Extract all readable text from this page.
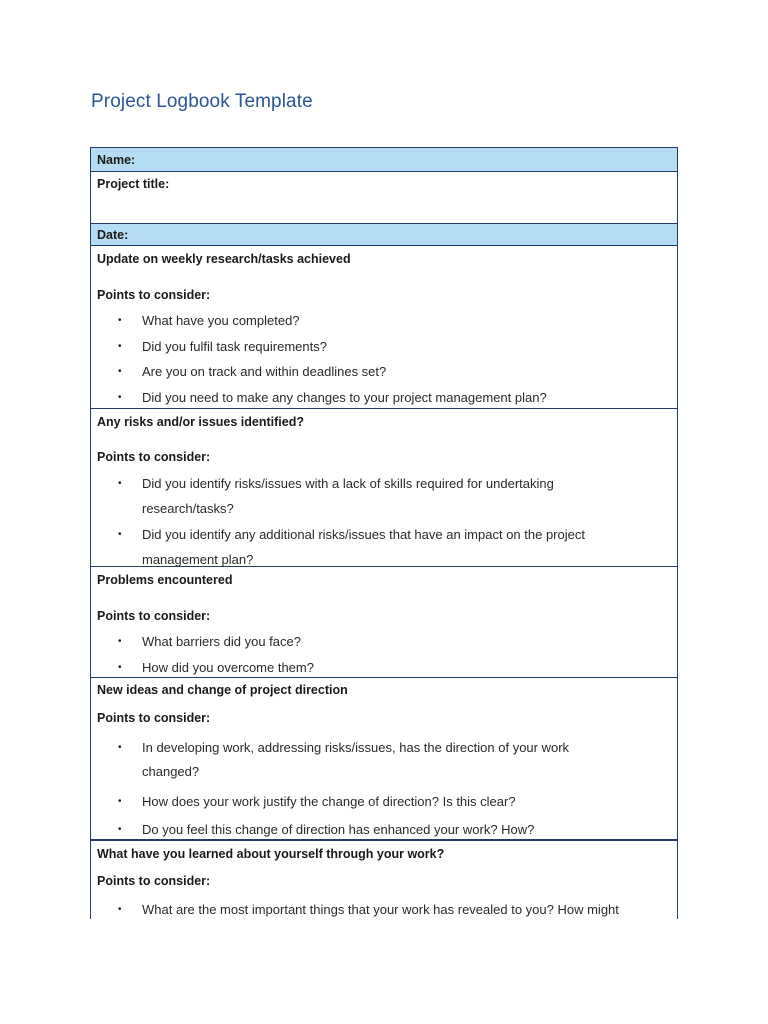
Project Logbook Template
Name:
Project title:
Date:
Update on weekly research/tasks achieved
Points to consider:
• What have you completed?
• Did you fulfil task requirements?
• Are you on track and within deadlines set?
• Did you need to make any changes to your project management plan?
Any risks and/or issues identified?
Points to consider:
• Did you identify risks/issues with a lack of skills required for undertaking
research/tasks?
• Did you identify any additional risks/issues that have an impact on the project
management plan?
Problems encountered
Points to consider:
• What barriers did you face?
• How did you overcome them?
New ideas and change of project direction
Points to consider:
• In developing work, addressing risks/issues, has the direction of your work
changed?
• How does your work justify the change of direction? Is this clear?
• Do you feel this change of direction has enhanced your work? How?
What have you learned about yourself through your work?
Points to consider:
• What are the most important things that your work has revealed to you? How might
